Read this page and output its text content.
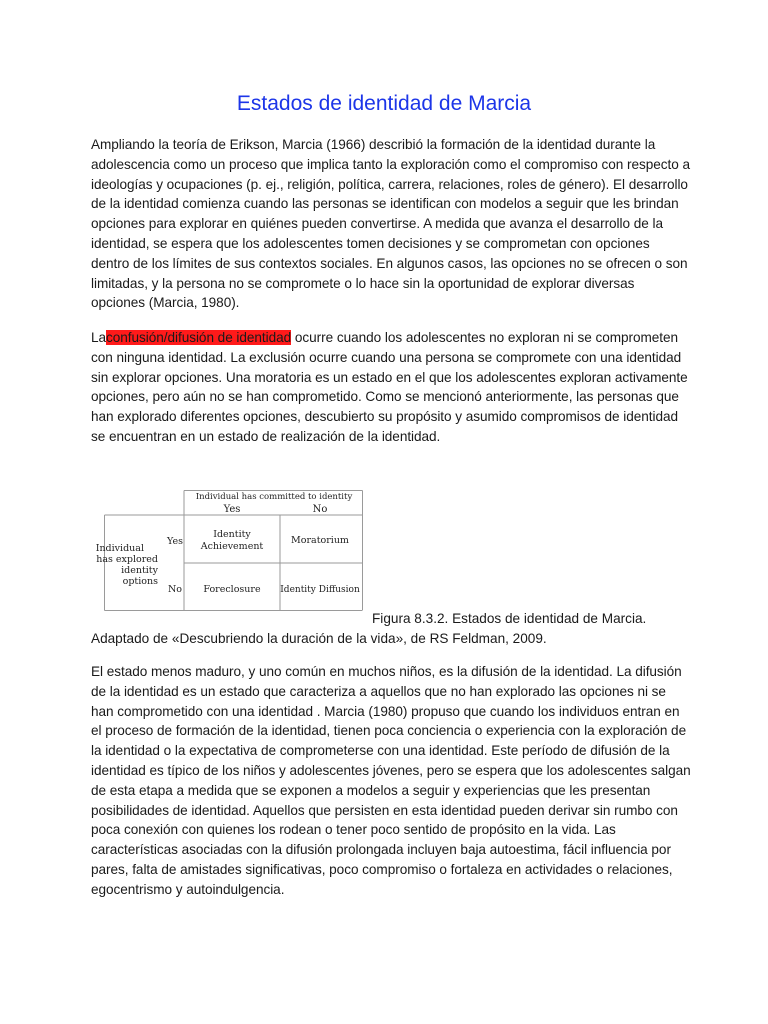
Estados de identidad de Marcia

Ampliando la teoría de Erikson, Marcia (1966) describió la formación de la identidad durante la adolescencia como un proceso que implica tanto la exploración como el compromiso con respecto a ideologías y ocupaciones (p. ej., religión, política, carrera, relaciones, roles de género). El desarrollo de la identidad comienza cuando las personas se identifican con modelos a seguir que les brindan opciones para explorar en quiénes pueden convertirse. A medida que avanza el desarrollo de la identidad, se espera que los adolescentes tomen decisiones y se comprometan con opciones dentro de los límites de sus contextos sociales. En algunos casos, las opciones no se ofrecen o son limitadas, y la persona no se compromete o lo hace sin la oportunidad de explorar diversas opciones (Marcia, 1980).

Laconfusión/difusión de identidad ocurre cuando los adolescentes no exploran ni se comprometen con ninguna identidad. La exclusión ocurre cuando una persona se compromete con una identidad sin explorar opciones. Una moratoria es un estado en el que los adolescentes exploran activamente opciones, pero aún no se han comprometido. Como se mencionó anteriormente, las personas que han explorado diferentes opciones, descubierto su propósito y asumido compromisos de identidad se encuentran en un estado de realización de la identidad.

Individual has committed to identity
Yes	No
Individual
has explored
identity
options
Yes
No
Identity
Achievement
Moratorium
Foreclosure Identity Diffusion

Figura 8.3.2. Estados de identidad de Marcia.

Adaptado de «Descubriendo la duración de la vida», de RS Feldman, 2009.

El estado menos maduro, y uno común en muchos niños, es la difusión de la identidad. La difusión de la identidad es un estado que caracteriza a aquellos que no han explorado las opciones ni se han comprometido con una identidad . Marcia (1980) propuso que cuando los individuos entran en el proceso de formación de la identidad, tienen poca conciencia o experiencia con la exploración de la identidad o la expectativa de comprometerse con una identidad. Este período de difusión de la identidad es típico de los niños y adolescentes jóvenes, pero se espera que los adolescentes salgan de esta etapa a medida que se exponen a modelos a seguir y experiencias que les presentan posibilidades de identidad. Aquellos que persisten en esta identidad pueden derivar sin rumbo con poca conexión con quienes los rodean o tener poco sentido de propósito en la vida. Las características asociadas con la difusión prolongada incluyen baja autoestima, fácil influencia por pares, falta de amistades significativas, poco compromiso o fortaleza en actividades o relaciones, egocentrismo y autoindulgencia.
